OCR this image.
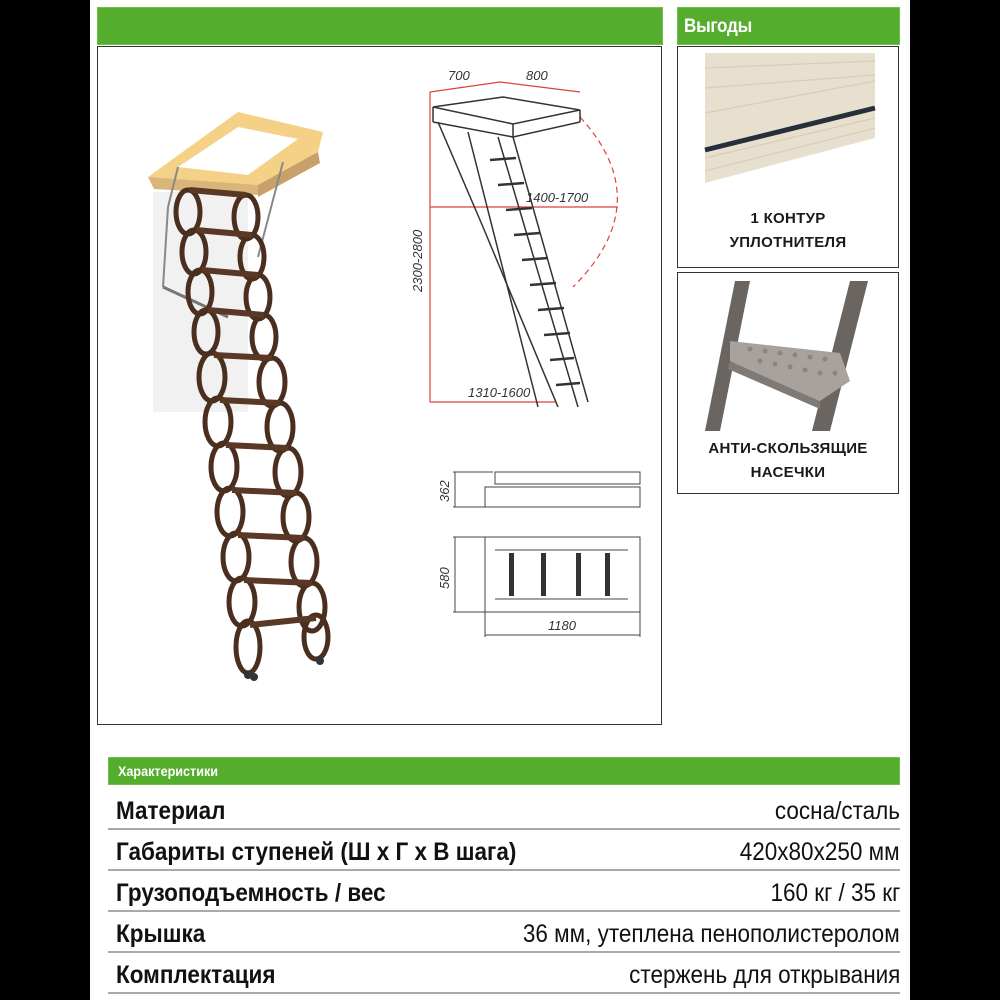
Выгоды
700	800
1400-1700
1310-1600
2300-2800
362
580
1180
1 КОНТУР
УПЛОТНИТЕЛЯ
АНТИ-СКОЛЬЗЯЩИЕ
НАСЕЧКИ
Характеристики
Материал	сосна/сталь
Габариты ступеней (Ш х Г х В шага)	420х80х250 мм
Грузоподъемность / вес	160 кг / 35 кг
Крышка	36 мм, утеплена пенополистеролом
Комплектация	стержень для открывания
